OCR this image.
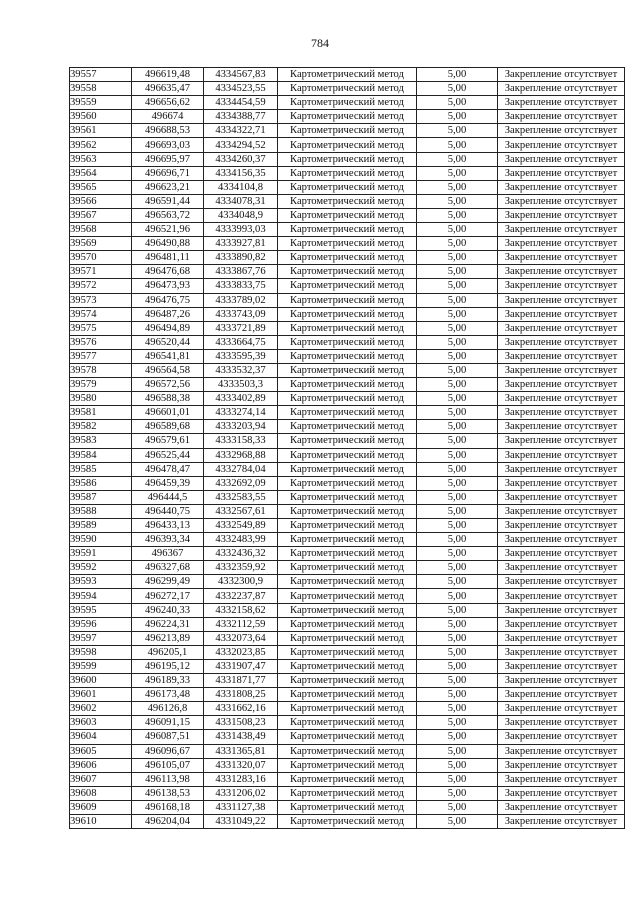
784
39557	496619,48	4334567,83	Картометрический метод	5,00	Закрепление отсутствует
39558	496635,47	4334523,55	Картометрический метод	5,00	Закрепление отсутствует
39559	496656,62	4334454,59	Картометрический метод	5,00	Закрепление отсутствует
39560	496674	4334388,77	Картометрический метод	5,00	Закрепление отсутствует
39561	496688,53	4334322,71	Картометрический метод	5,00	Закрепление отсутствует
39562	496693,03	4334294,52	Картометрический метод	5,00	Закрепление отсутствует
39563	496695,97	4334260,37	Картометрический метод	5,00	Закрепление отсутствует
39564	496696,71	4334156,35	Картометрический метод	5,00	Закрепление отсутствует
39565	496623,21	4334104,8	Картометрический метод	5,00	Закрепление отсутствует
39566	496591,44	4334078,31	Картометрический метод	5,00	Закрепление отсутствует
39567	496563,72	4334048,9	Картометрический метод	5,00	Закрепление отсутствует
39568	496521,96	4333993,03	Картометрический метод	5,00	Закрепление отсутствует
39569	496490,88	4333927,81	Картометрический метод	5,00	Закрепление отсутствует
39570	496481,11	4333890,82	Картометрический метод	5,00	Закрепление отсутствует
39571	496476,68	4333867,76	Картометрический метод	5,00	Закрепление отсутствует
39572	496473,93	4333833,75	Картометрический метод	5,00	Закрепление отсутствует
39573	496476,75	4333789,02	Картометрический метод	5,00	Закрепление отсутствует
39574	496487,26	4333743,09	Картометрический метод	5,00	Закрепление отсутствует
39575	496494,89	4333721,89	Картометрический метод	5,00	Закрепление отсутствует
39576	496520,44	4333664,75	Картометрический метод	5,00	Закрепление отсутствует
39577	496541,81	4333595,39	Картометрический метод	5,00	Закрепление отсутствует
39578	496564,58	4333532,37	Картометрический метод	5,00	Закрепление отсутствует
39579	496572,56	4333503,3	Картометрический метод	5,00	Закрепление отсутствует
39580	496588,38	4333402,89	Картометрический метод	5,00	Закрепление отсутствует
39581	496601,01	4333274,14	Картометрический метод	5,00	Закрепление отсутствует
39582	496589,68	4333203,94	Картометрический метод	5,00	Закрепление отсутствует
39583	496579,61	4333158,33	Картометрический метод	5,00	Закрепление отсутствует
39584	496525,44	4332968,88	Картометрический метод	5,00	Закрепление отсутствует
39585	496478,47	4332784,04	Картометрический метод	5,00	Закрепление отсутствует
39586	496459,39	4332692,09	Картометрический метод	5,00	Закрепление отсутствует
39587	496444,5	4332583,55	Картометрический метод	5,00	Закрепление отсутствует
39588	496440,75	4332567,61	Картометрический метод	5,00	Закрепление отсутствует
39589	496433,13	4332549,89	Картометрический метод	5,00	Закрепление отсутствует
39590	496393,34	4332483,99	Картометрический метод	5,00	Закрепление отсутствует
39591	496367	4332436,32	Картометрический метод	5,00	Закрепление отсутствует
39592	496327,68	4332359,92	Картометрический метод	5,00	Закрепление отсутствует
39593	496299,49	4332300,9	Картометрический метод	5,00	Закрепление отсутствует
39594	496272,17	4332237,87	Картометрический метод	5,00	Закрепление отсутствует
39595	496240,33	4332158,62	Картометрический метод	5,00	Закрепление отсутствует
39596	496224,31	4332112,59	Картометрический метод	5,00	Закрепление отсутствует
39597	496213,89	4332073,64	Картометрический метод	5,00	Закрепление отсутствует
39598	496205,1	4332023,85	Картометрический метод	5,00	Закрепление отсутствует
39599	496195,12	4331907,47	Картометрический метод	5,00	Закрепление отсутствует
39600	496189,33	4331871,77	Картометрический метод	5,00	Закрепление отсутствует
39601	496173,48	4331808,25	Картометрический метод	5,00	Закрепление отсутствует
39602	496126,8	4331662,16	Картометрический метод	5,00	Закрепление отсутствует
39603	496091,15	4331508,23	Картометрический метод	5,00	Закрепление отсутствует
39604	496087,51	4331438,49	Картометрический метод	5,00	Закрепление отсутствует
39605	496096,67	4331365,81	Картометрический метод	5,00	Закрепление отсутствует
39606	496105,07	4331320,07	Картометрический метод	5,00	Закрепление отсутствует
39607	496113,98	4331283,16	Картометрический метод	5,00	Закрепление отсутствует
39608	496138,53	4331206,02	Картометрический метод	5,00	Закрепление отсутствует
39609	496168,18	4331127,38	Картометрический метод	5,00	Закрепление отсутствует
39610	496204,04	4331049,22	Картометрический метод	5,00	Закрепление отсутствует
